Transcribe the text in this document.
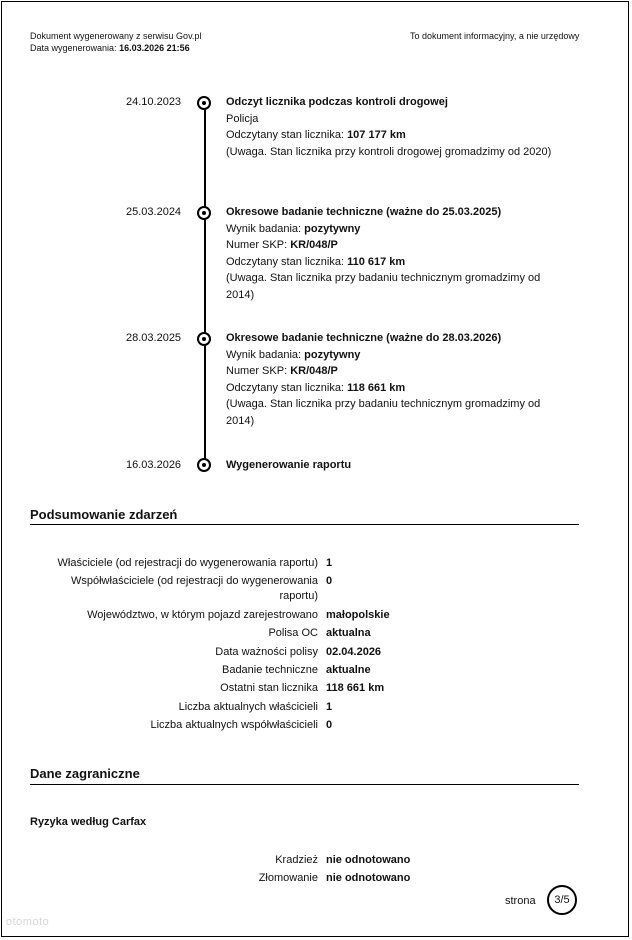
Dokument wygenerowany z serwisu Gov.pl
Data wygenerowania: 16.03.2026 21:56
To dokument informacyjny, a nie urzędowy
24.10.2023	Odczyt licznika podczas kontroli drogowej
Policja
Odczytany stan licznika: 107 177 km
(Uwaga. Stan licznika przy kontroli drogowej gromadzimy od 2020)
25.03.2024	Okresowe badanie techniczne (ważne do 25.03.2025)
Wynik badania: pozytywny
Numer SKP: KR/048/P
Odczytany stan licznika: 110 617 km
(Uwaga. Stan licznika przy badaniu technicznym gromadzimy od 2014)
28.03.2025	Okresowe badanie techniczne (ważne do 28.03.2026)
Wynik badania: pozytywny
Numer SKP: KR/048/P
Odczytany stan licznika: 118 661 km
(Uwaga. Stan licznika przy badaniu technicznym gromadzimy od 2014)
16.03.2026	Wygenerowanie raportu
Podsumowanie zdarzeń
Właściciele (od rejestracji do wygenerowania raportu) 1
Współwłaściciele (od rejestracji do wygenerowania raportu)
0
Województwo, w którym pojazd zarejestrowano małopolskie
Polisa OC aktualna
Data ważności polisy 02.04.2026
Badanie techniczne aktualne
Ostatni stan licznika 118 661 km
Liczba aktualnych właścicieli 1
Liczba aktualnych współwłaścicieli 0
Dane zagraniczne
Ryzyka według Carfax
Kradzież nie odnotowano
Złomowanie nie odnotowano
strona	3/5
otomoto
